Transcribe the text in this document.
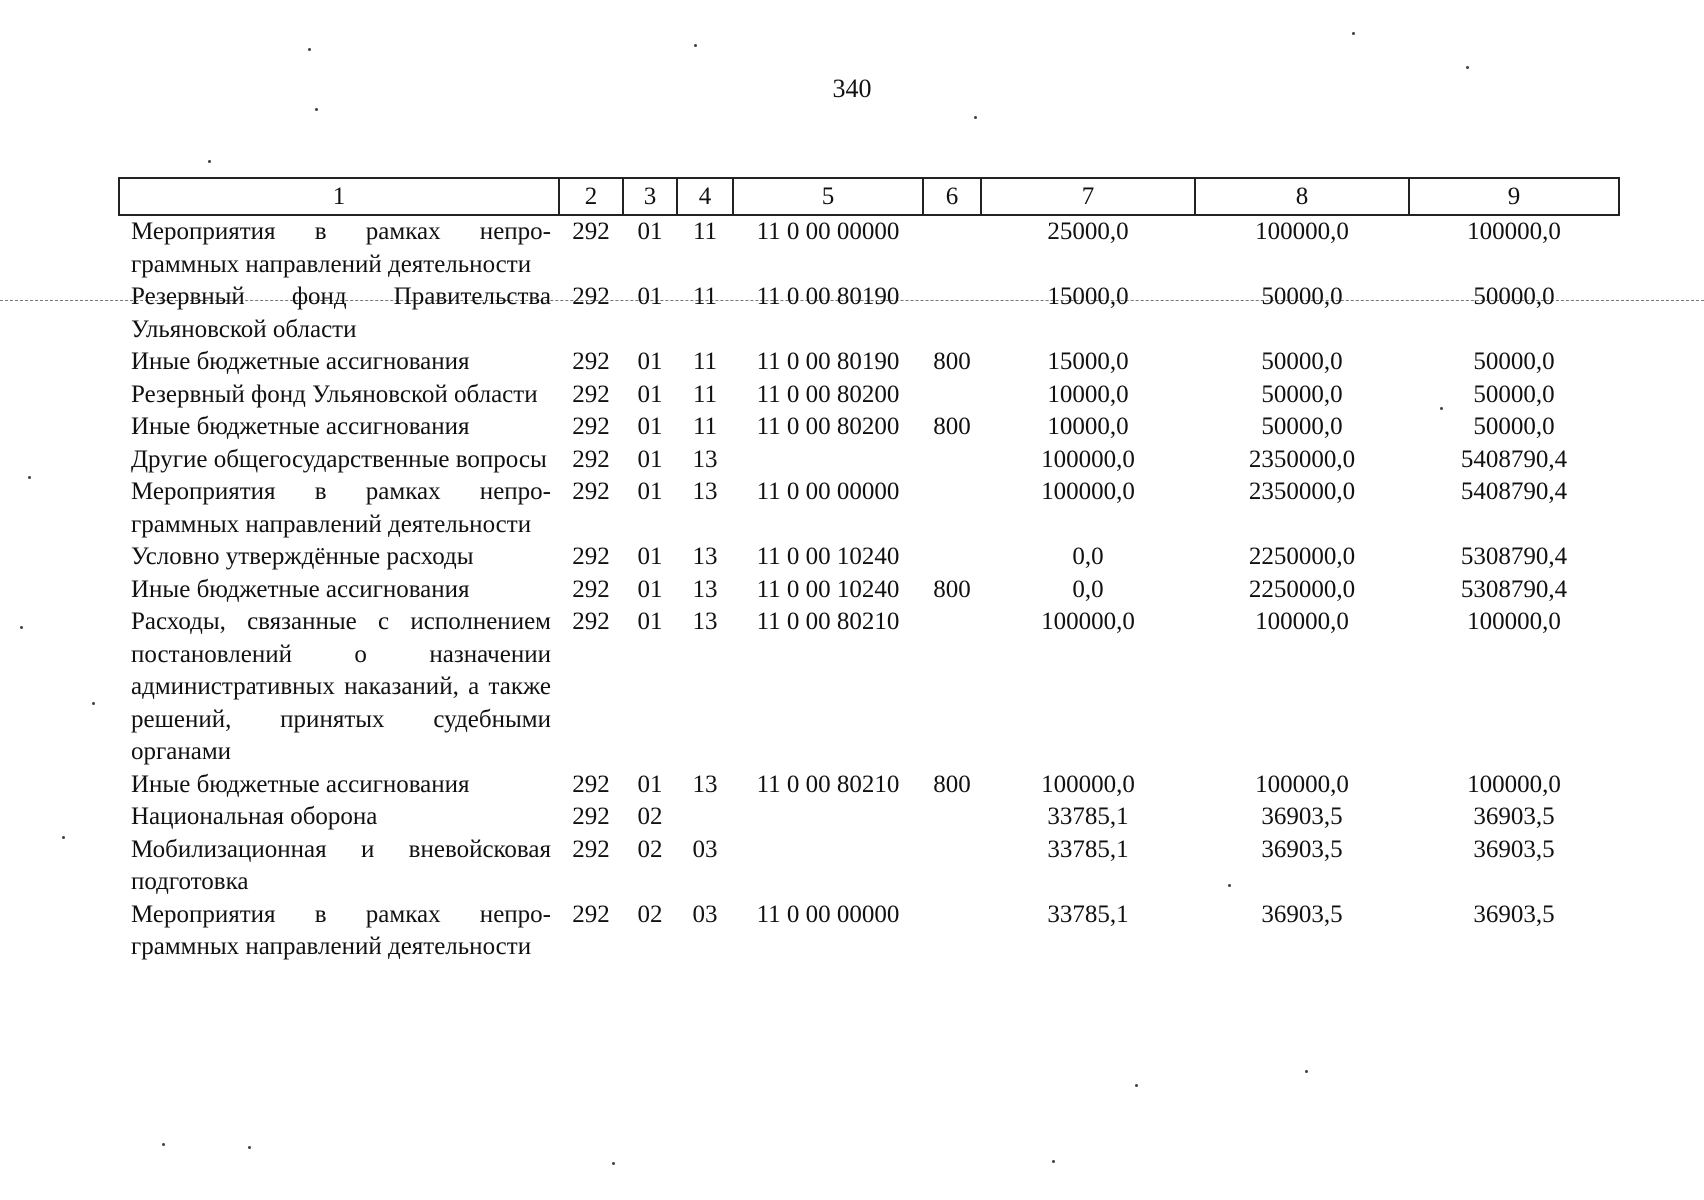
340
1	2	3	4	5	6	7	8	9
Мероприятия в рамках непрограммных направлений деятельности	292	01	11	11 0 00 00000		25000,0	100000,0	100000,0
Резервный фонд Правительства Ульяновской области	292	01	11	11 0 00 80190		15000,0	50000,0	50000,0
Иные бюджетные ассигнования	292	01	11	11 0 00 80190	800	15000,0	50000,0	50000,0
Резервный фонд Ульяновской области	292	01	11	11 0 00 80200		10000,0	50000,0	50000,0
Иные бюджетные ассигнования	292	01	11	11 0 00 80200	800	10000,0	50000,0	50000,0
Другие общегосударственные вопросы	292	01	13			100000,0	2350000,0	5408790,4
Мероприятия в рамках непрограммных направлений деятельности	292	01	13	11 0 00 00000		100000,0	2350000,0	5408790,4
Условно утверждённые расходы	292	01	13	11 0 00 10240		0,0	2250000,0	5308790,4
Иные бюджетные ассигнования	292	01	13	11 0 00 10240	800	0,0	2250000,0	5308790,4
Расходы, связанные с исполнением постановлений о назначении административных наказаний, а также решений, принятых судебными органами	292	01	13	11 0 00 80210		100000,0	100000,0	100000,0
Иные бюджетные ассигнования	292	01	13	11 0 00 80210	800	100000,0	100000,0	100000,0
Национальная оборона	292	02				33785,1	36903,5	36903,5
Мобилизационная и вневойсковая подготовка	292	02	03			33785,1	36903,5	36903,5
Мероприятия в рамках непрограммных направлений деятельности	292	02	03	11 0 00 00000		33785,1	36903,5	36903,5
